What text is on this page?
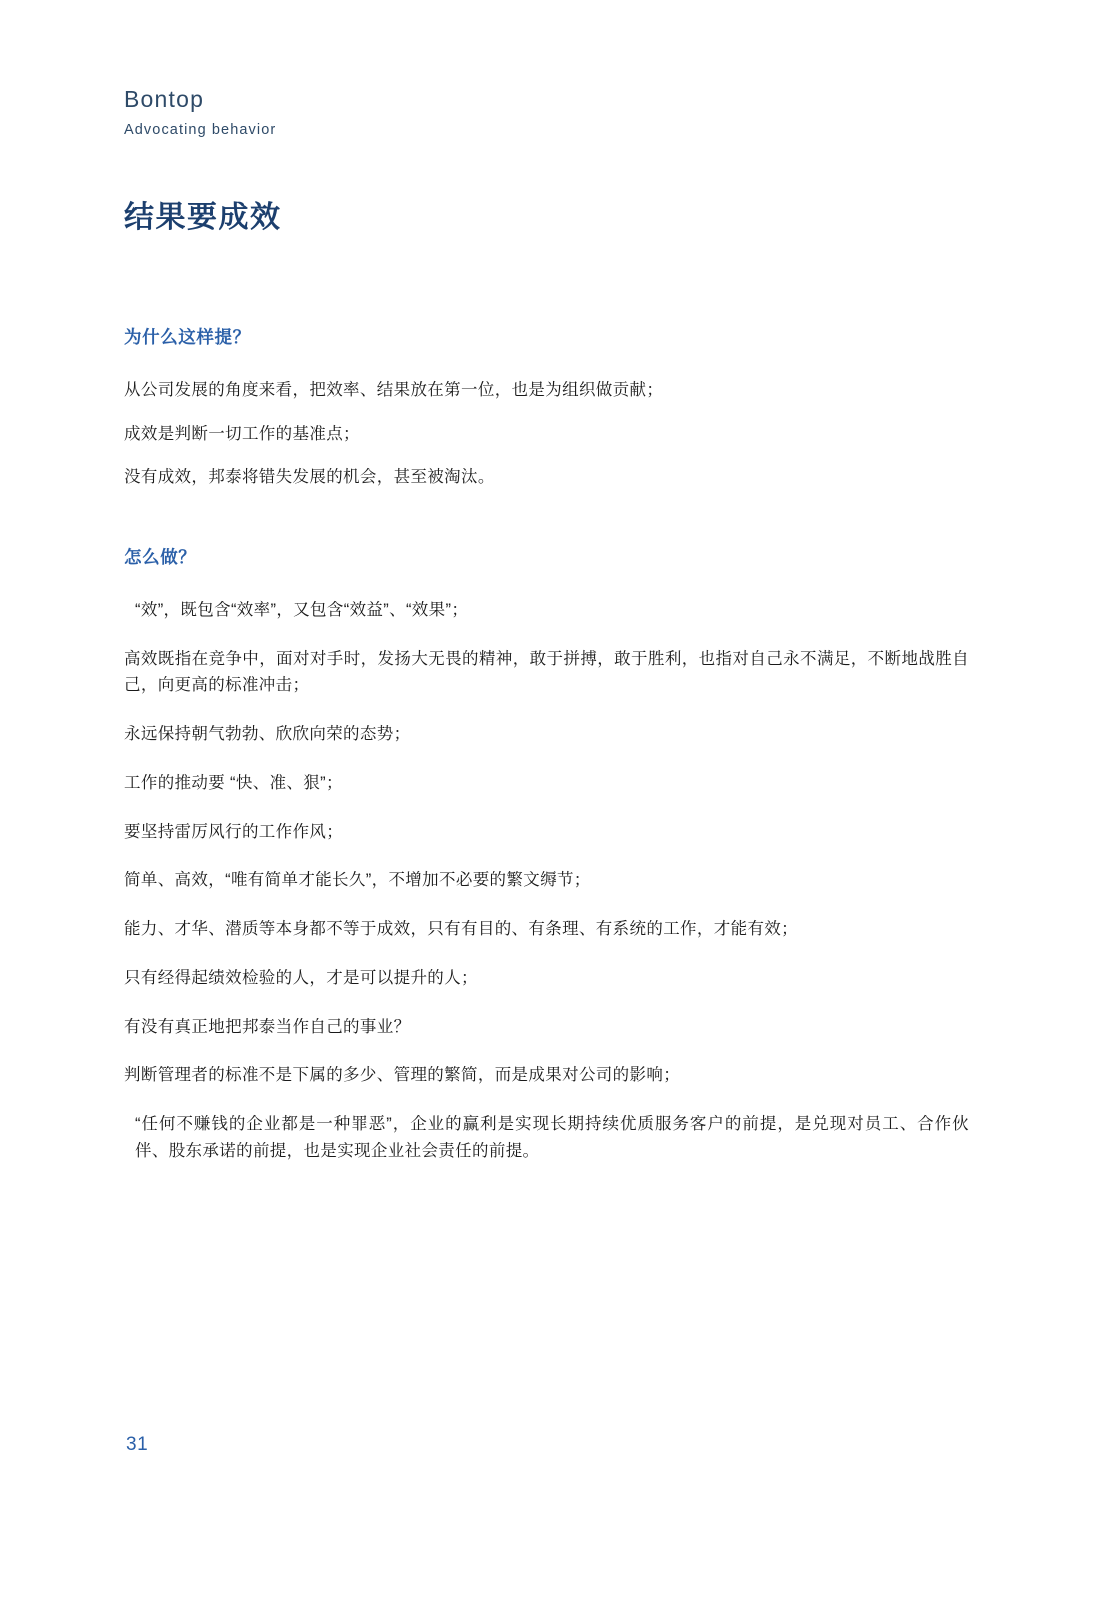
Bontop
Advocating behavior
结果要成效
为什么这样提？
从公司发展的角度来看，把效率、结果放在第一位，也是为组织做贡献；
成效是判断一切工作的基准点；
没有成效，邦泰将错失发展的机会，甚至被淘汰。
怎么做？
“效”，既包含“效率”，又包含“效益”、“效果”；
高效既指在竞争中，面对对手时，发扬大无畏的精神，敢于拼搏，敢于胜利，也指对自己永不满足，不断地战胜自己，向更高的标准冲击；
永远保持朝气勃勃、欣欣向荣的态势；
工作的推动要 “快、准、狠”；
要坚持雷厉风行的工作作风；
简单、高效，“唯有简单才能长久”，不增加不必要的繁文缛节；
能力、才华、潜质等本身都不等于成效，只有有目的、有条理、有系统的工作，才能有效；
只有经得起绩效检验的人，才是可以提升的人；
有没有真正地把邦泰当作自己的事业？
判断管理者的标准不是下属的多少、管理的繁简，而是成果对公司的影响；
“任何不赚钱的企业都是一种罪恶”，企业的赢利是实现长期持续优质服务客户的前提，是兑现对员工、合作伙伴、股东承诺的前提，也是实现企业社会责任的前提。
31
